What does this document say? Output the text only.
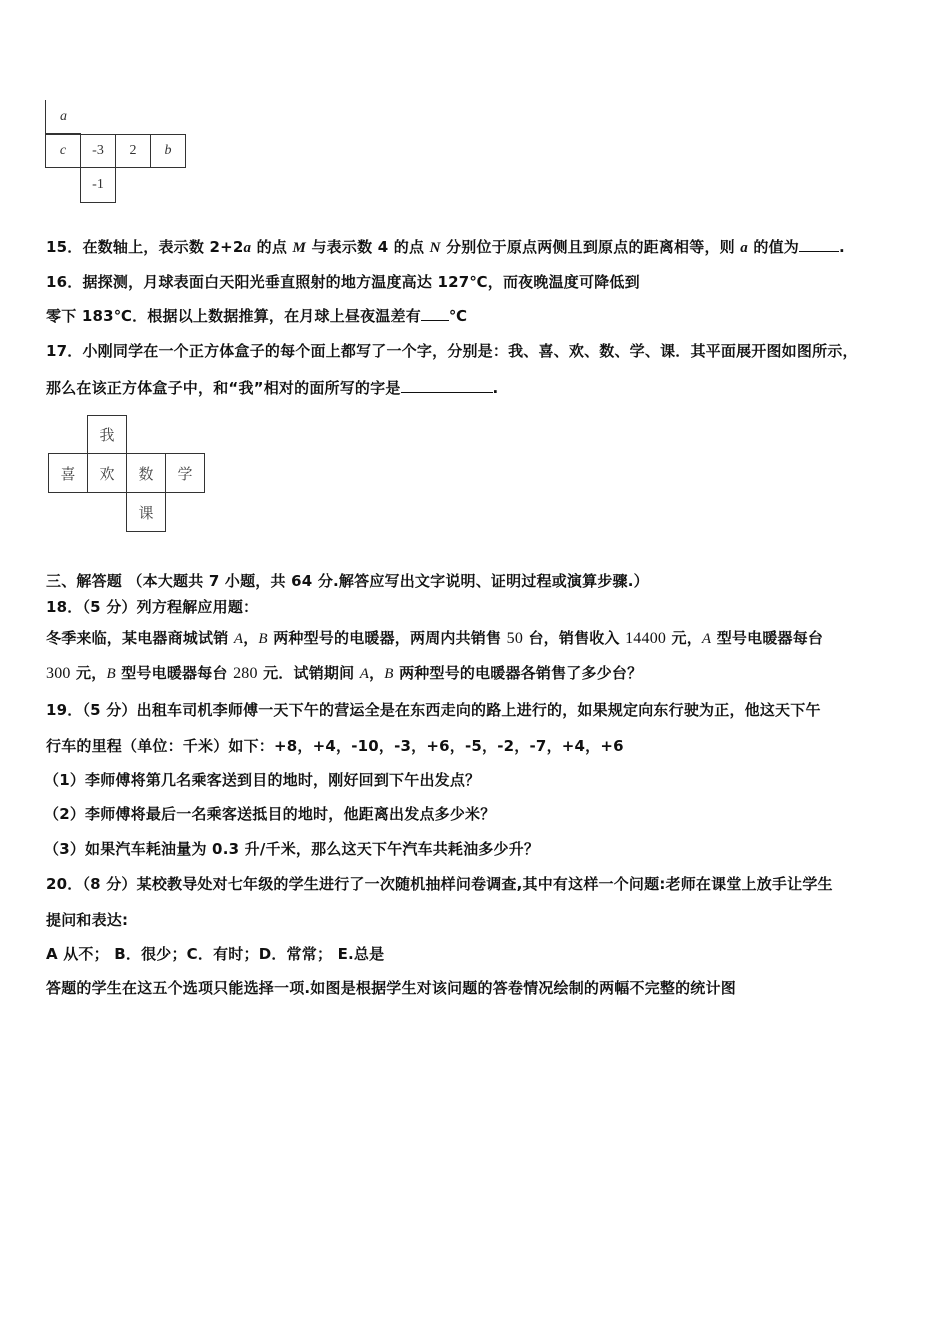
a
c	-3	2	b
-1
15．在数轴上，表示数 2+2a 的点 M 与表示数 4 的点 N 分别位于原点两侧且到原点的距离相等，则 a 的值为	.
16．据探测，月球表面白天阳光垂直照射的地方温度高达 127℃，而夜晚温度可降低到
零下 183℃．根据以上数据推算，在月球上昼夜温差有 ℃
17．小刚同学在一个正方体盒子的每个面上都写了一个字，分别是：我、喜、欢、数、学、课．其平面展开图如图所示，
那么在该正方体盒子中，和“我”相对的面所写的字是	.
我
喜	欢	数	学
课
三、解答题 （本大题共 7 小题，共 64 分.解答应写出文字说明、证明过程或演算步骤.）
18．（5 分）列方程解应用题：
冬季来临，某电器商城试销 A，B 两种型号的电暖器，两周内共销售 50 台，销售收入 14400 元，A 型号电暖器每台
300 元，B 型号电暖器每台 280 元．试销期间 A，B 两种型号的电暖器各销售了多少台？
19．（5 分）出租车司机李师傅一天下午的营运全是在东西走向的路上进行的，如果规定向东行驶为正，他这天下午
行车的里程（单位：千米）如下：+8，+4，-10，-3，+6，-5，-2，-7，+4，+6
（1）李师傅将第几名乘客送到目的地时，刚好回到下午出发点？
（2）李师傅将最后一名乘客送抵目的地时，他距离出发点多少米？
（3）如果汽车耗油量为 0.3 升/千米，那么这天下午汽车共耗油多少升？
20．（8 分）某校教导处对七年级的学生进行了一次随机抽样问卷调查,其中有这样一个问题:老师在课堂上放手让学生
提问和表达:
A 从不； B．很少；C．有时；D．常常； E.总是
答题的学生在这五个选项只能选择一项.如图是根据学生对该问题的答卷情况绘制的两幅不完整的统计图
